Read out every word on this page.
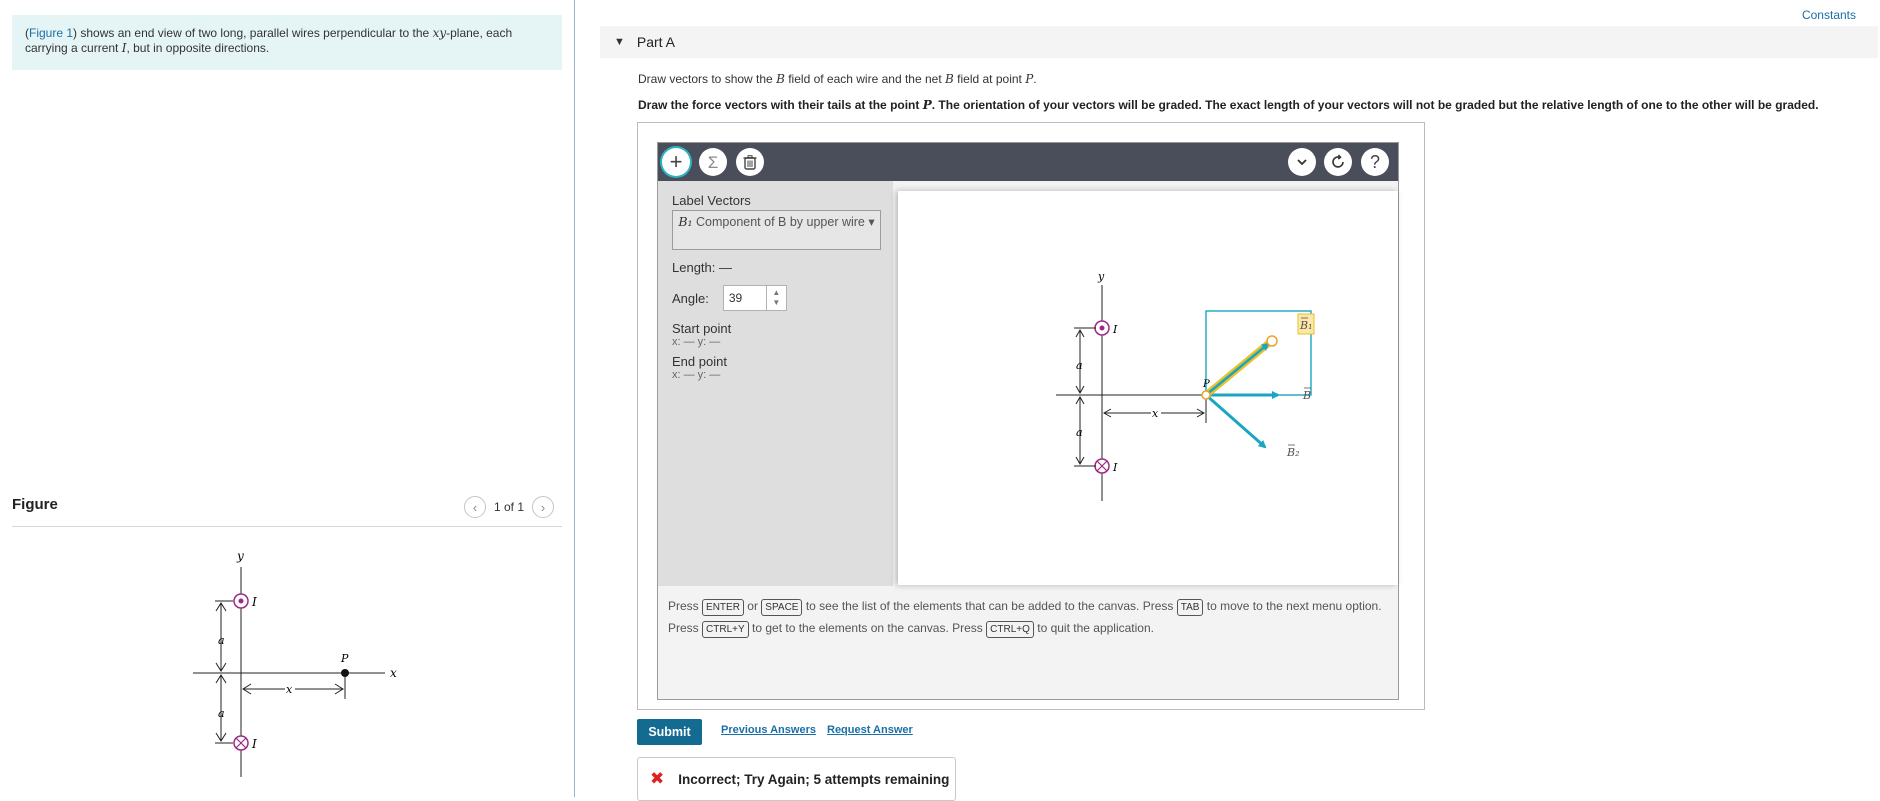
(Figure 1) shows an end view of two long, parallel wires perpendicular to the xy-plane, each carrying a current I, but in opposite directions.
Figure	‹ 1 of 1 ›
y
x
I
I
a
a
P
x
Constants
▼ Part A
Draw vectors to show the B field of each wire and the net B field at point P.
Draw the force vectors with their tails at the point P. The orientation of your vectors will be graded. The exact length of your vectors will not be graded but the relative length of one to the other will be graded.
+ Σ	?
Label Vectors
B₁ Component of B by upper wire ▾
Length:
—
Angle:	39	▲
▼
Start point
x: — y: —
End point
x: — y: —
y
I
I
a
a
x
P
B₁
B
B₂
Press ENTER or SPACE to see the list of the elements that can be added to the canvas. Press TAB to move to the next menu option. Press CTRL+Y to get to the elements on the canvas. Press CTRL+Q to quit the application.
Submit	Previous Answers Request Answer
✖ Incorrect; Try Again; 5 attempts remaining
